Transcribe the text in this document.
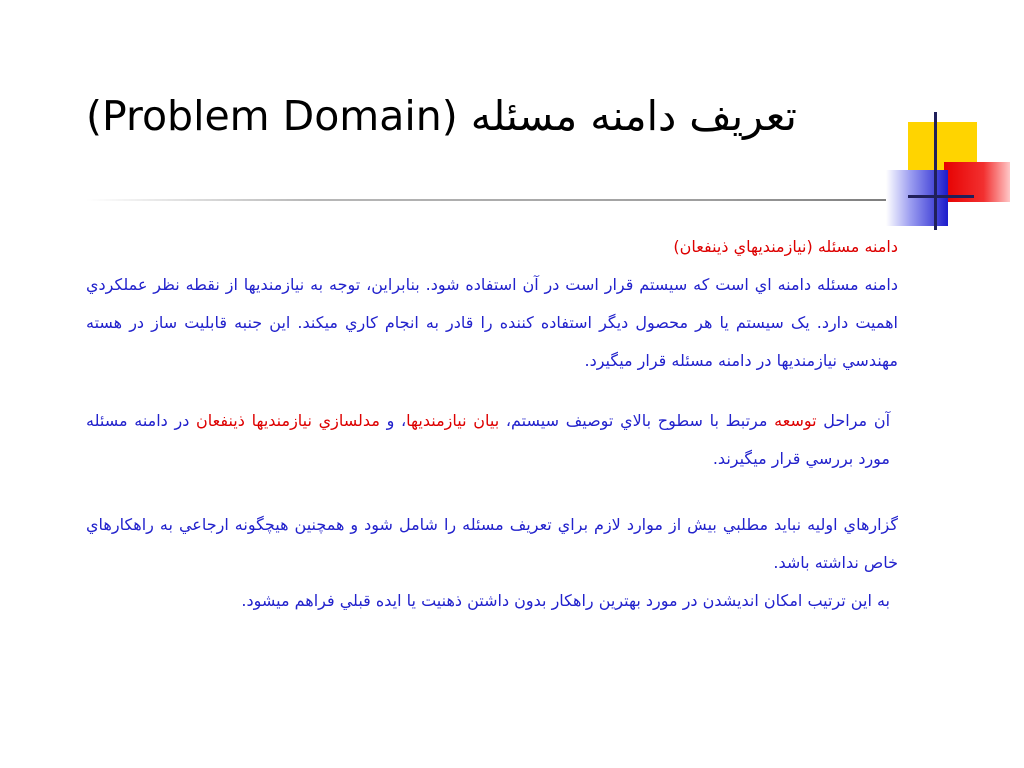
تعریف دامنه مسئله (Problem Domain)

دامنه مسئله (نيازمنديهاي ذينفعان)

دامنه مسئله دامنه اي است كه سيستم قرار است در آن استفاده شود. بنابراين، توجه به نيازمنديها از نقطه نظر عملكردي اهميت دارد. یک سيستم يا هر محصول ديگر استفاده كننده را قادر به انجام كاري ميكند. اين جنبه قابليت ساز در هسته مهندسي نيازمنديها در دامنه مسئله قرار ميگيرد.

آن مراحل توسعه مرتبط با سطوح بالاي توصيف سيستم، بيان نيازمنديها، و مدلسازي نيازمنديها ذينفعان در دامنه مسئله مورد بررسي قرار ميگيرند.

گزارهاي اوليه نبايد مطلبي بيش از موارد لازم براي تعريف مسئله را شامل شود و همچنين هيچگونه ارجاعي به راهكارهاي خاص نداشته باشد.

به اين ترتيب امكان انديشدن در مورد بهترين راهكار بدون داشتن ذهنيت يا ايده قبلي فراهم ميشود.
